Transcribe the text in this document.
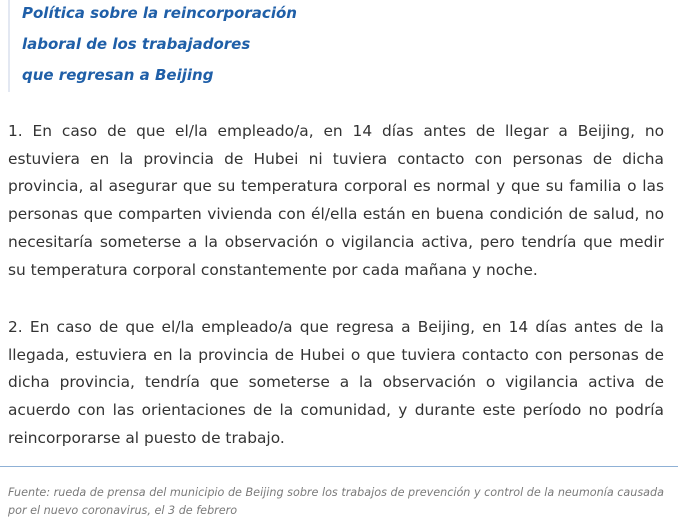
Política sobre la reincorporación
laboral de los trabajadores
que regresan a Beijing

1. En caso de que el/la empleado/a, en 14 días antes de llegar a Beijing, no estuviera en la provincia de Hubei ni tuviera contacto con personas de dicha provincia, al asegurar que su temperatura corporal es normal y que su familia o las personas que comparten vivienda con él/ella están en buena condición de salud, no necesitaría someterse a la observación o vigilancia activa, pero tendría que medir su temperatura corporal constantemente por cada mañana y noche.

2. En caso de que el/la empleado/a que regresa a Beijing, en 14 días antes de la llegada, estuviera en la provincia de Hubei o que tuviera contacto con personas de dicha provincia, tendría que someterse a la observación o vigilancia activa de acuerdo con las orientaciones de la comunidad, y durante este período no podría reincorporarse al puesto de trabajo.

Fuente: rueda de prensa del municipio de Beijing sobre los trabajos de prevención y control de la neumonía causada por el nuevo coronavirus, el 3 de febrero
